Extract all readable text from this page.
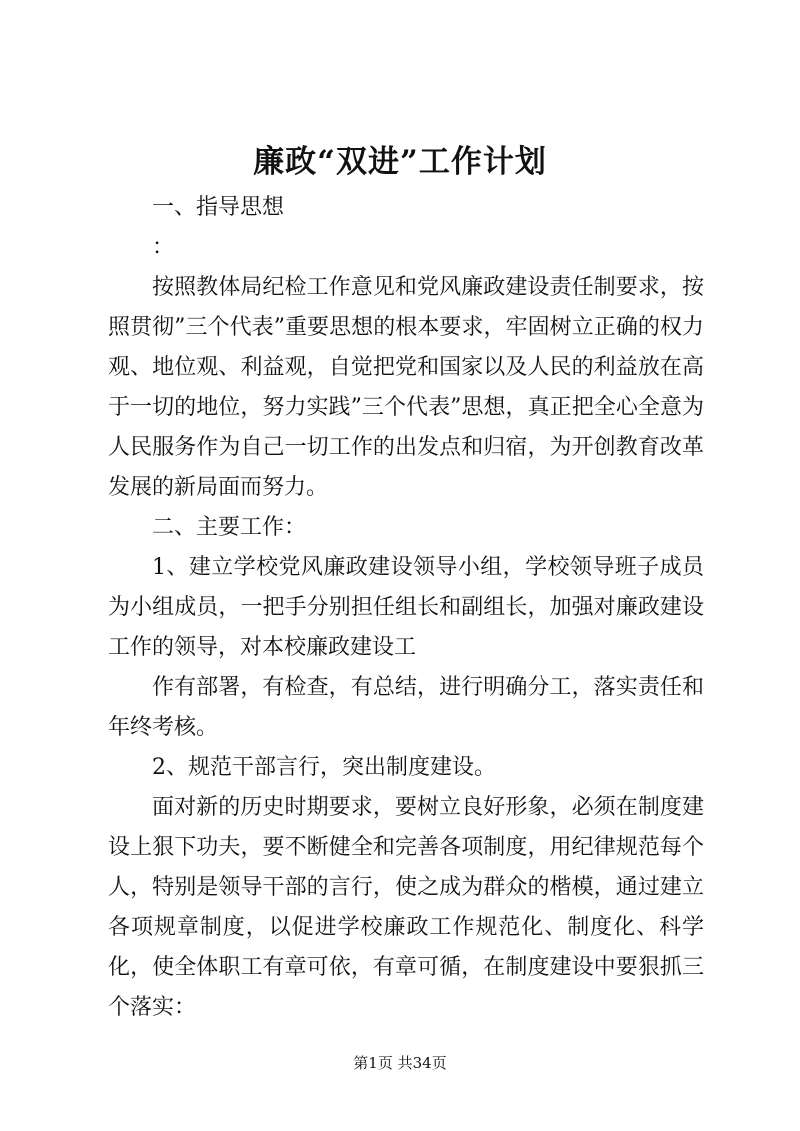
廉政“双进”工作计划

一、指导思想

：

按照教体局纪检工作意见和党风廉政建设责任制要求，按照贯彻”三个代表”重要思想的根本要求，牢固树立正确的权力观、地位观、利益观，自觉把党和国家以及人民的利益放在高于一切的地位，努力实践”三个代表”思想，真正把全心全意为人民服务作为自己一切工作的出发点和归宿，为开创教育改革发展的新局面而努力。

二、主要工作：

1、建立学校党风廉政建设领导小组，学校领导班子成员为小组成员，一把手分别担任组长和副组长，加强对廉政建设工作的领导，对本校廉政建设工

作有部署，有检查，有总结，进行明确分工，落实责任和年终考核。

2、规范干部言行，突出制度建设。

面对新的历史时期要求，要树立良好形象，必须在制度建设上狠下功夫，要不断健全和完善各项制度，用纪律规范每个人，特别是领导干部的言行，使之成为群众的楷模，通过建立各项规章制度，以促进学校廉政工作规范化、制度化、科学化，使全体职工有章可依，有章可循，在制度建设中要狠抓三个落实：

第1页 共34页
